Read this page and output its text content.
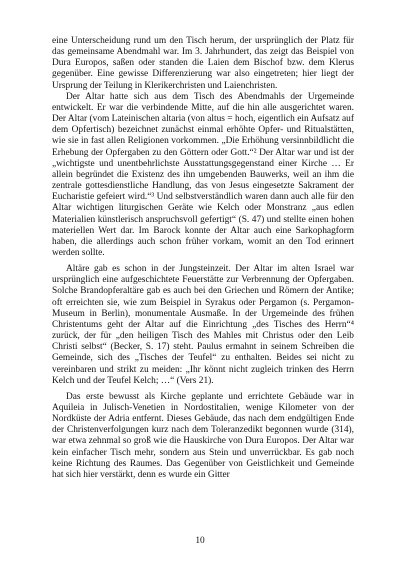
eine Unterscheidung rund um den Tisch herum, der ursprünglich der Platz für das gemeinsame Abendmahl war. Im 3. Jahrhundert, das zeigt das Beispiel von Dura Europos, saßen oder standen die Laien dem Bischof bzw. dem Klerus gegenüber. Eine gewisse Differenzierung war also eingetreten; hier liegt der Ursprung der Teilung in Klerikerchristen und Laienchristen.

Der Altar hatte sich aus dem Tisch des Abendmahls der Urgemeinde entwickelt. Er war die verbindende Mitte, auf die hin alle ausgerichtet waren. Der Altar (vom Lateinischen altaria (von altus = hoch, eigentlich ein Aufsatz auf dem Opfertisch) bezeichnet zunächst einmal erhöhte Opfer- und Ritualstätten, wie sie in fast allen Religionen vorkommen. „Die Erhöhung versinnbildlicht die Erhebung der Opfergaben zu den Göttern oder Gott.“² Der Altar war und ist der „wichtigste und unentbehrlichste Ausstattungsgegenstand einer Kirche … Er allein begründet die Existenz des ihn umgebenden Bauwerks, weil an ihm die zentrale gottesdienstliche Handlung, das von Jesus eingesetzte Sakrament der Eucharistie gefeiert wird.“³ Und selbstverständlich waren dann auch alle für den Altar wichtigen liturgischen Geräte wie Kelch oder Monstranz „aus edlen Materialien künstlerisch anspruchsvoll gefertigt“ (S. 47) und stellte einen hohen materiellen Wert dar. Im Barock konnte der Altar auch eine Sarkophagform haben, die allerdings auch schon früher vorkam, womit an den Tod erinnert werden sollte.

Altäre gab es schon in der Jungsteinzeit. Der Altar im alten Israel war ursprünglich eine aufgeschichtete Feuerstätte zur Verbrennung der Opfergaben. Solche Brandopferaltäre gab es auch bei den Griechen und Römern der Antike; oft erreichten sie, wie zum Beispiel in Syrakus oder Pergamon (s. Pergamon-Museum in Berlin), monumentale Ausmaße. In der Urgemeinde des frühen Christentums geht der Altar auf die Einrichtung „des Tisches des Herrn“⁴ zurück, der für „den heiligen Tisch des Mahles mit Christus oder den Leib Christi selbst“ (Becker, S. 17) steht. Paulus ermahnt in seinem Schreiben die Gemeinde, sich des „Tisches der Teufel“ zu enthalten. Beides sei nicht zu vereinbaren und strikt zu meiden: „Ihr könnt nicht zugleich trinken des Herrn Kelch und der Teufel Kelch; …“ (Vers 21).

Das erste bewusst als Kirche geplante und errichtete Gebäude war in Aquileia in Julisch-Venetien in Nordostitalien, wenige Kilometer von der Nordküste der Adria entfernt. Dieses Gebäude, das nach dem endgültigen Ende der Christenverfolgungen kurz nach dem Toleranzedikt begonnen wurde (314), war etwa zehnmal so groß wie die Hauskirche von Dura Europos. Der Altar war kein einfacher Tisch mehr, sondern aus Stein und unverrückbar. Es gab noch keine Richtung des Raumes. Das Gegenüber von Geistlichkeit und Gemeinde hat sich hier verstärkt, denn es wurde ein Gitter

10
